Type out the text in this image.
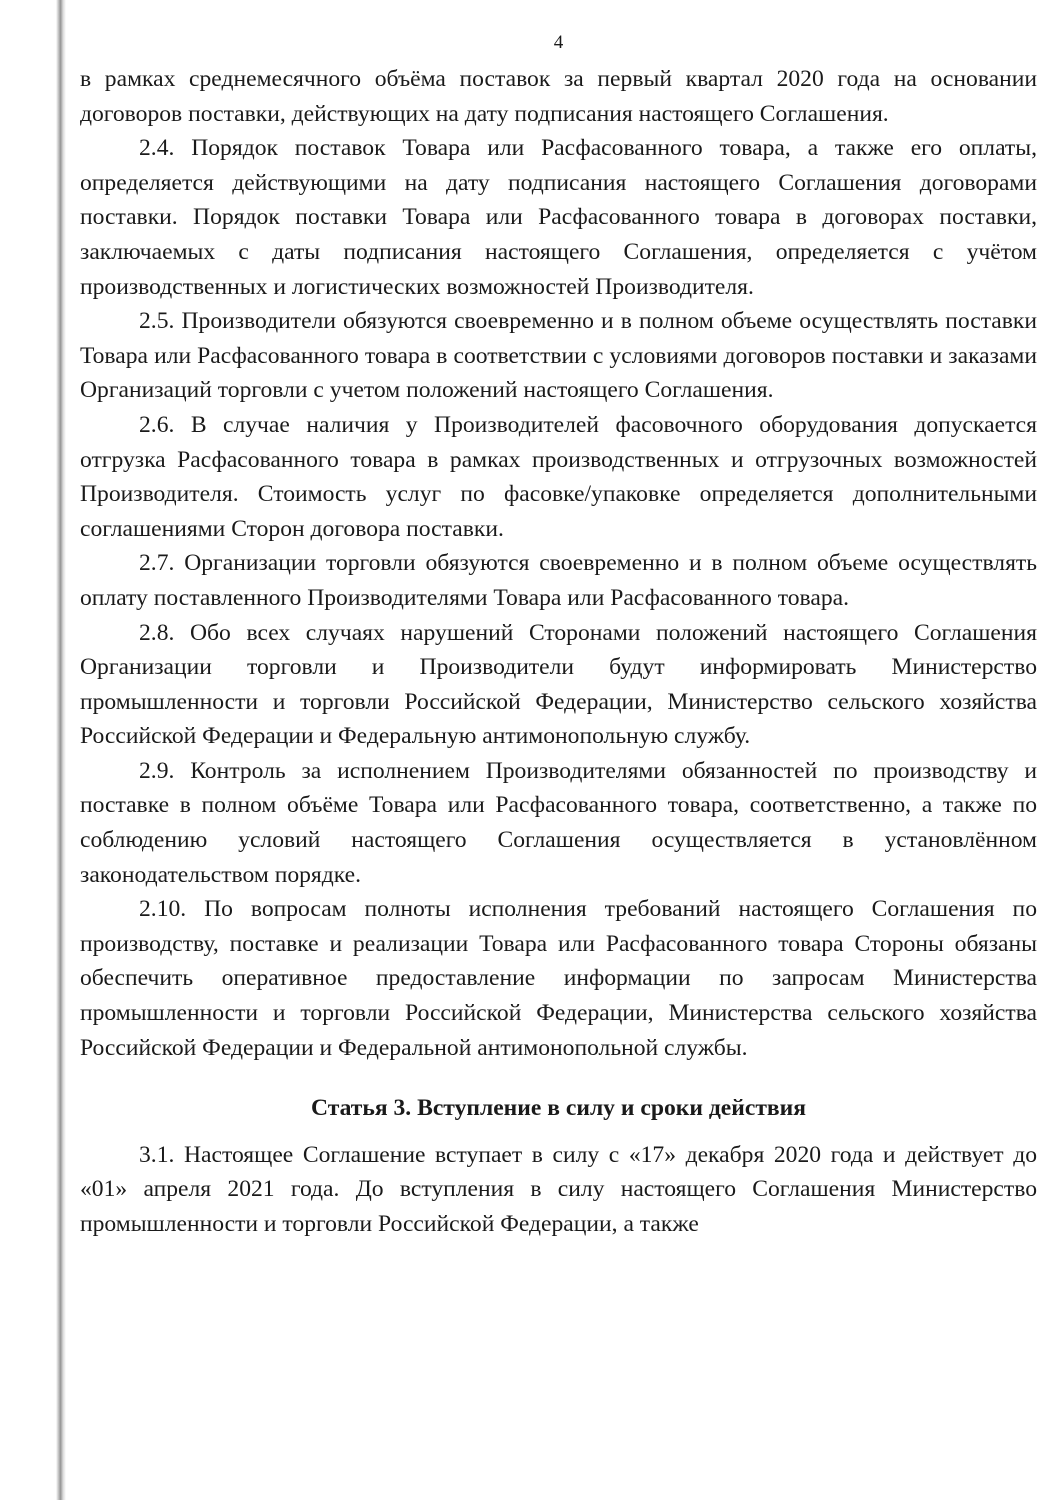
4

в рамках среднемесячного объёма поставок за первый квартал 2020 года на основании договоров поставки, действующих на дату подписания настоящего Соглашения.

2.4. Порядок поставок Товара или Расфасованного товара, а также его оплаты, определяется действующими на дату подписания настоящего Соглашения договорами поставки. Порядок поставки Товара или Расфасованного товара в договорах поставки, заключаемых с даты подписания настоящего Соглашения, определяется с учётом производственных и логистических возможностей Производителя.

2.5. Производители обязуются своевременно и в полном объеме осуществлять поставки Товара или Расфасованного товара в соответствии с условиями договоров поставки и заказами Организаций торговли с учетом положений настоящего Соглашения.

2.6. В случае наличия у Производителей фасовочного оборудования допускается отгрузка Расфасованного товара в рамках производственных и отгрузочных возможностей Производителя. Стоимость услуг по фасовке/упаковке определяется дополнительными соглашениями Сторон договора поставки.

2.7. Организации торговли обязуются своевременно и в полном объеме осуществлять оплату поставленного Производителями Товара или Расфасованного товара.

2.8. Обо всех случаях нарушений Сторонами положений настоящего Соглашения Организации торговли и Производители будут информировать Министерство промышленности и торговли Российской Федерации, Министерство сельского хозяйства Российской Федерации и Федеральную антимонопольную службу.

2.9. Контроль за исполнением Производителями обязанностей по производству и поставке в полном объёме Товара или Расфасованного товара, соответственно, а также по соблюдению условий настоящего Соглашения осуществляется в установлённом законодательством порядке.

2.10. По вопросам полноты исполнения требований настоящего Соглашения по производству, поставке и реализации Товара или Расфасованного товара Стороны обязаны обеспечить оперативное предоставление информации по запросам Министерства промышленности и торговли Российской Федерации, Министерства сельского хозяйства Российской Федерации и Федеральной антимонопольной службы.

Статья 3. Вступление в силу и сроки действия

3.1. Настоящее Соглашение вступает в силу с «17» декабря 2020 года и действует до «01» апреля 2021 года. До вступления в силу настоящего Соглашения Министерство промышленности и торговли Российской Федерации, а также
